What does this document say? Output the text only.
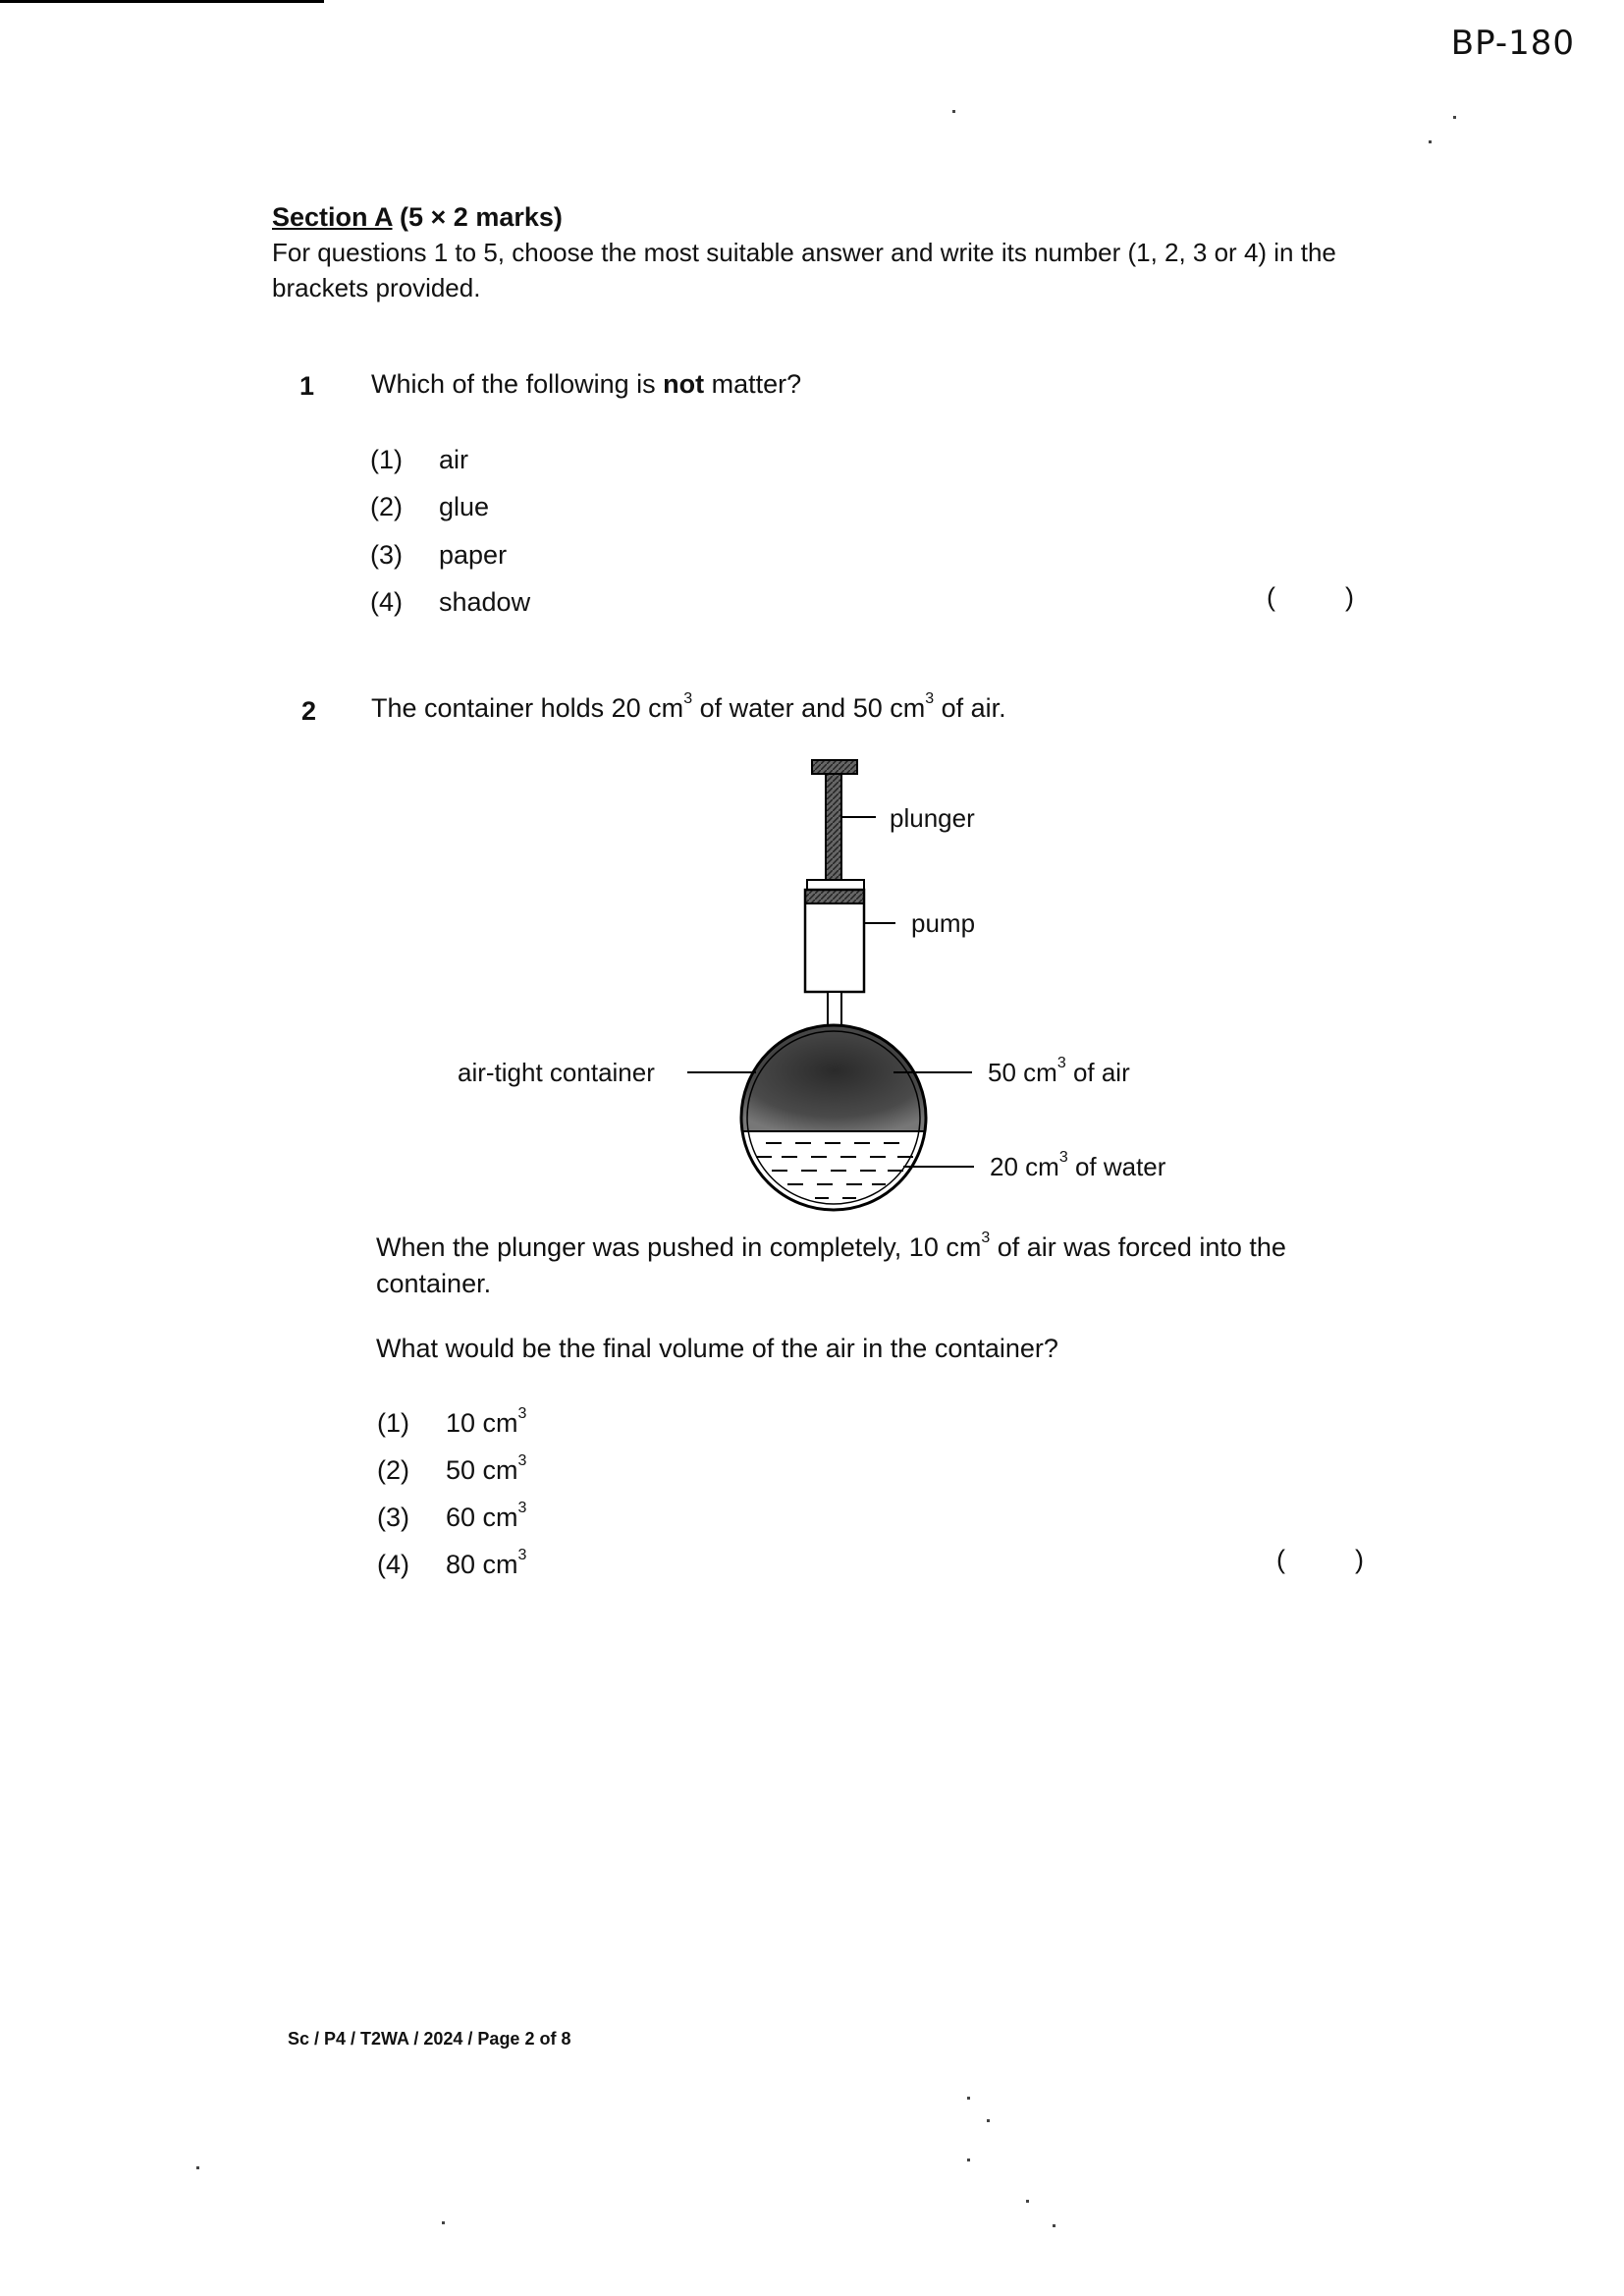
BP-180
Section A (5 × 2 marks)
For questions 1 to 5, choose the most suitable answer and write its number (1, 2, 3 or 4) in the brackets provided.
1 Which of the following is not matter?
(1) air
(2) glue
(3) paper
(4) shadow	(	)
2 The container holds 20 $cm^3$ of water and 50 $cm^3$ of air.
plunger
pump
air-tight container	50 $cm^3$ of air
20 $cm^3$ of water
When the plunger was pushed in completely, 10 $cm^3$ of air was forced into the
container.
What would be the final volume of the air in the container?
(1) 10 $cm^3$
(2) 50 $cm^3$
(3) 60 $cm^3$
(4) 80 $cm^3$	(	)
Sc / P4 / T2WA / 2024 / Page 2 of 8
